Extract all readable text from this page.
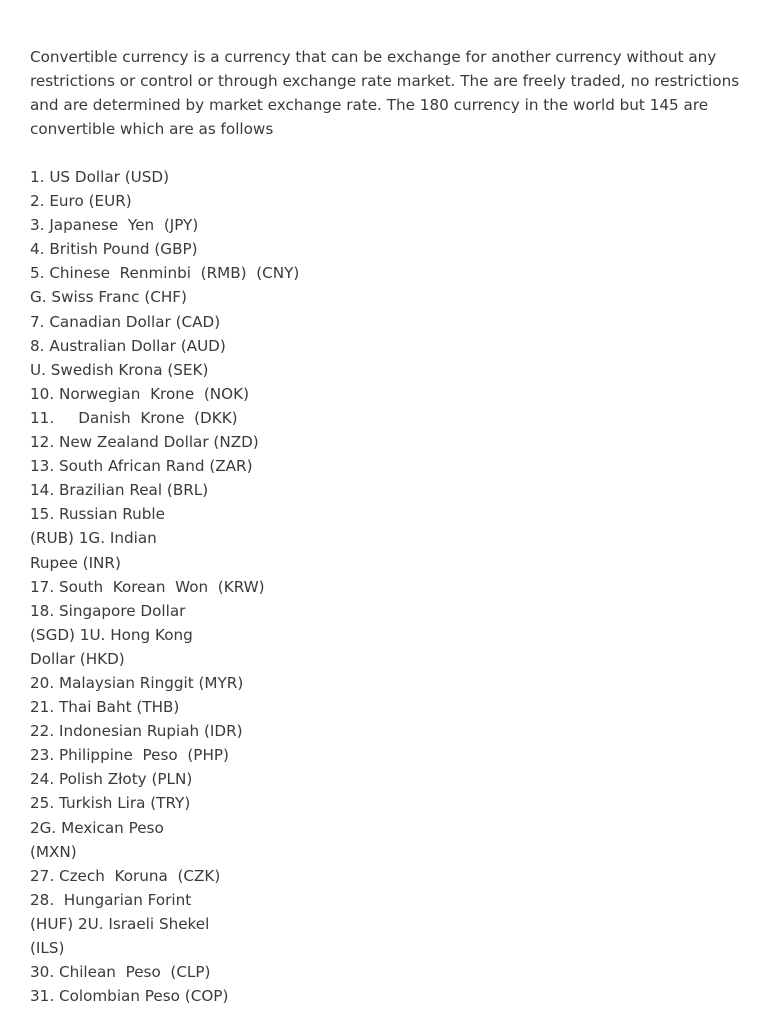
Convertible currency is a currency that can be exchange for another currency without any restrictions or control or through exchange rate market. The are freely traded, no restrictions and are determined by market exchange rate. The 180 currency in the world but 145 are convertible which are as follows

1. US Dollar (USD)
2. Euro (EUR)
3. Japanese  Yen  (JPY)
4. British Pound (GBP)
5. Chinese  Renminbi  (RMB)  (CNY)
G. Swiss Franc (CHF)
7. Canadian Dollar (CAD)
8. Australian Dollar (AUD)
U. Swedish Krona (SEK)
10. Norwegian  Krone  (NOK)
11.     Danish  Krone  (DKK)
12. New Zealand Dollar (NZD)
13. South African Rand (ZAR)
14. Brazilian Real (BRL)
15. Russian Ruble
(RUB) 1G. Indian
Rupee (INR)
17. South  Korean  Won  (KRW)
18. Singapore Dollar
(SGD) 1U. Hong Kong
Dollar (HKD)
20. Malaysian Ringgit (MYR)
21. Thai Baht (THB)
22. Indonesian Rupiah (IDR)
23. Philippine  Peso  (PHP)
24. Polish Złoty (PLN)
25. Turkish Lira (TRY)
2G. Mexican Peso
(MXN)
27. Czech  Koruna  (CZK)
28.  Hungarian Forint
(HUF) 2U. Israeli Shekel
(ILS)
30. Chilean  Peso  (CLP)
31. Colombian Peso (COP)
